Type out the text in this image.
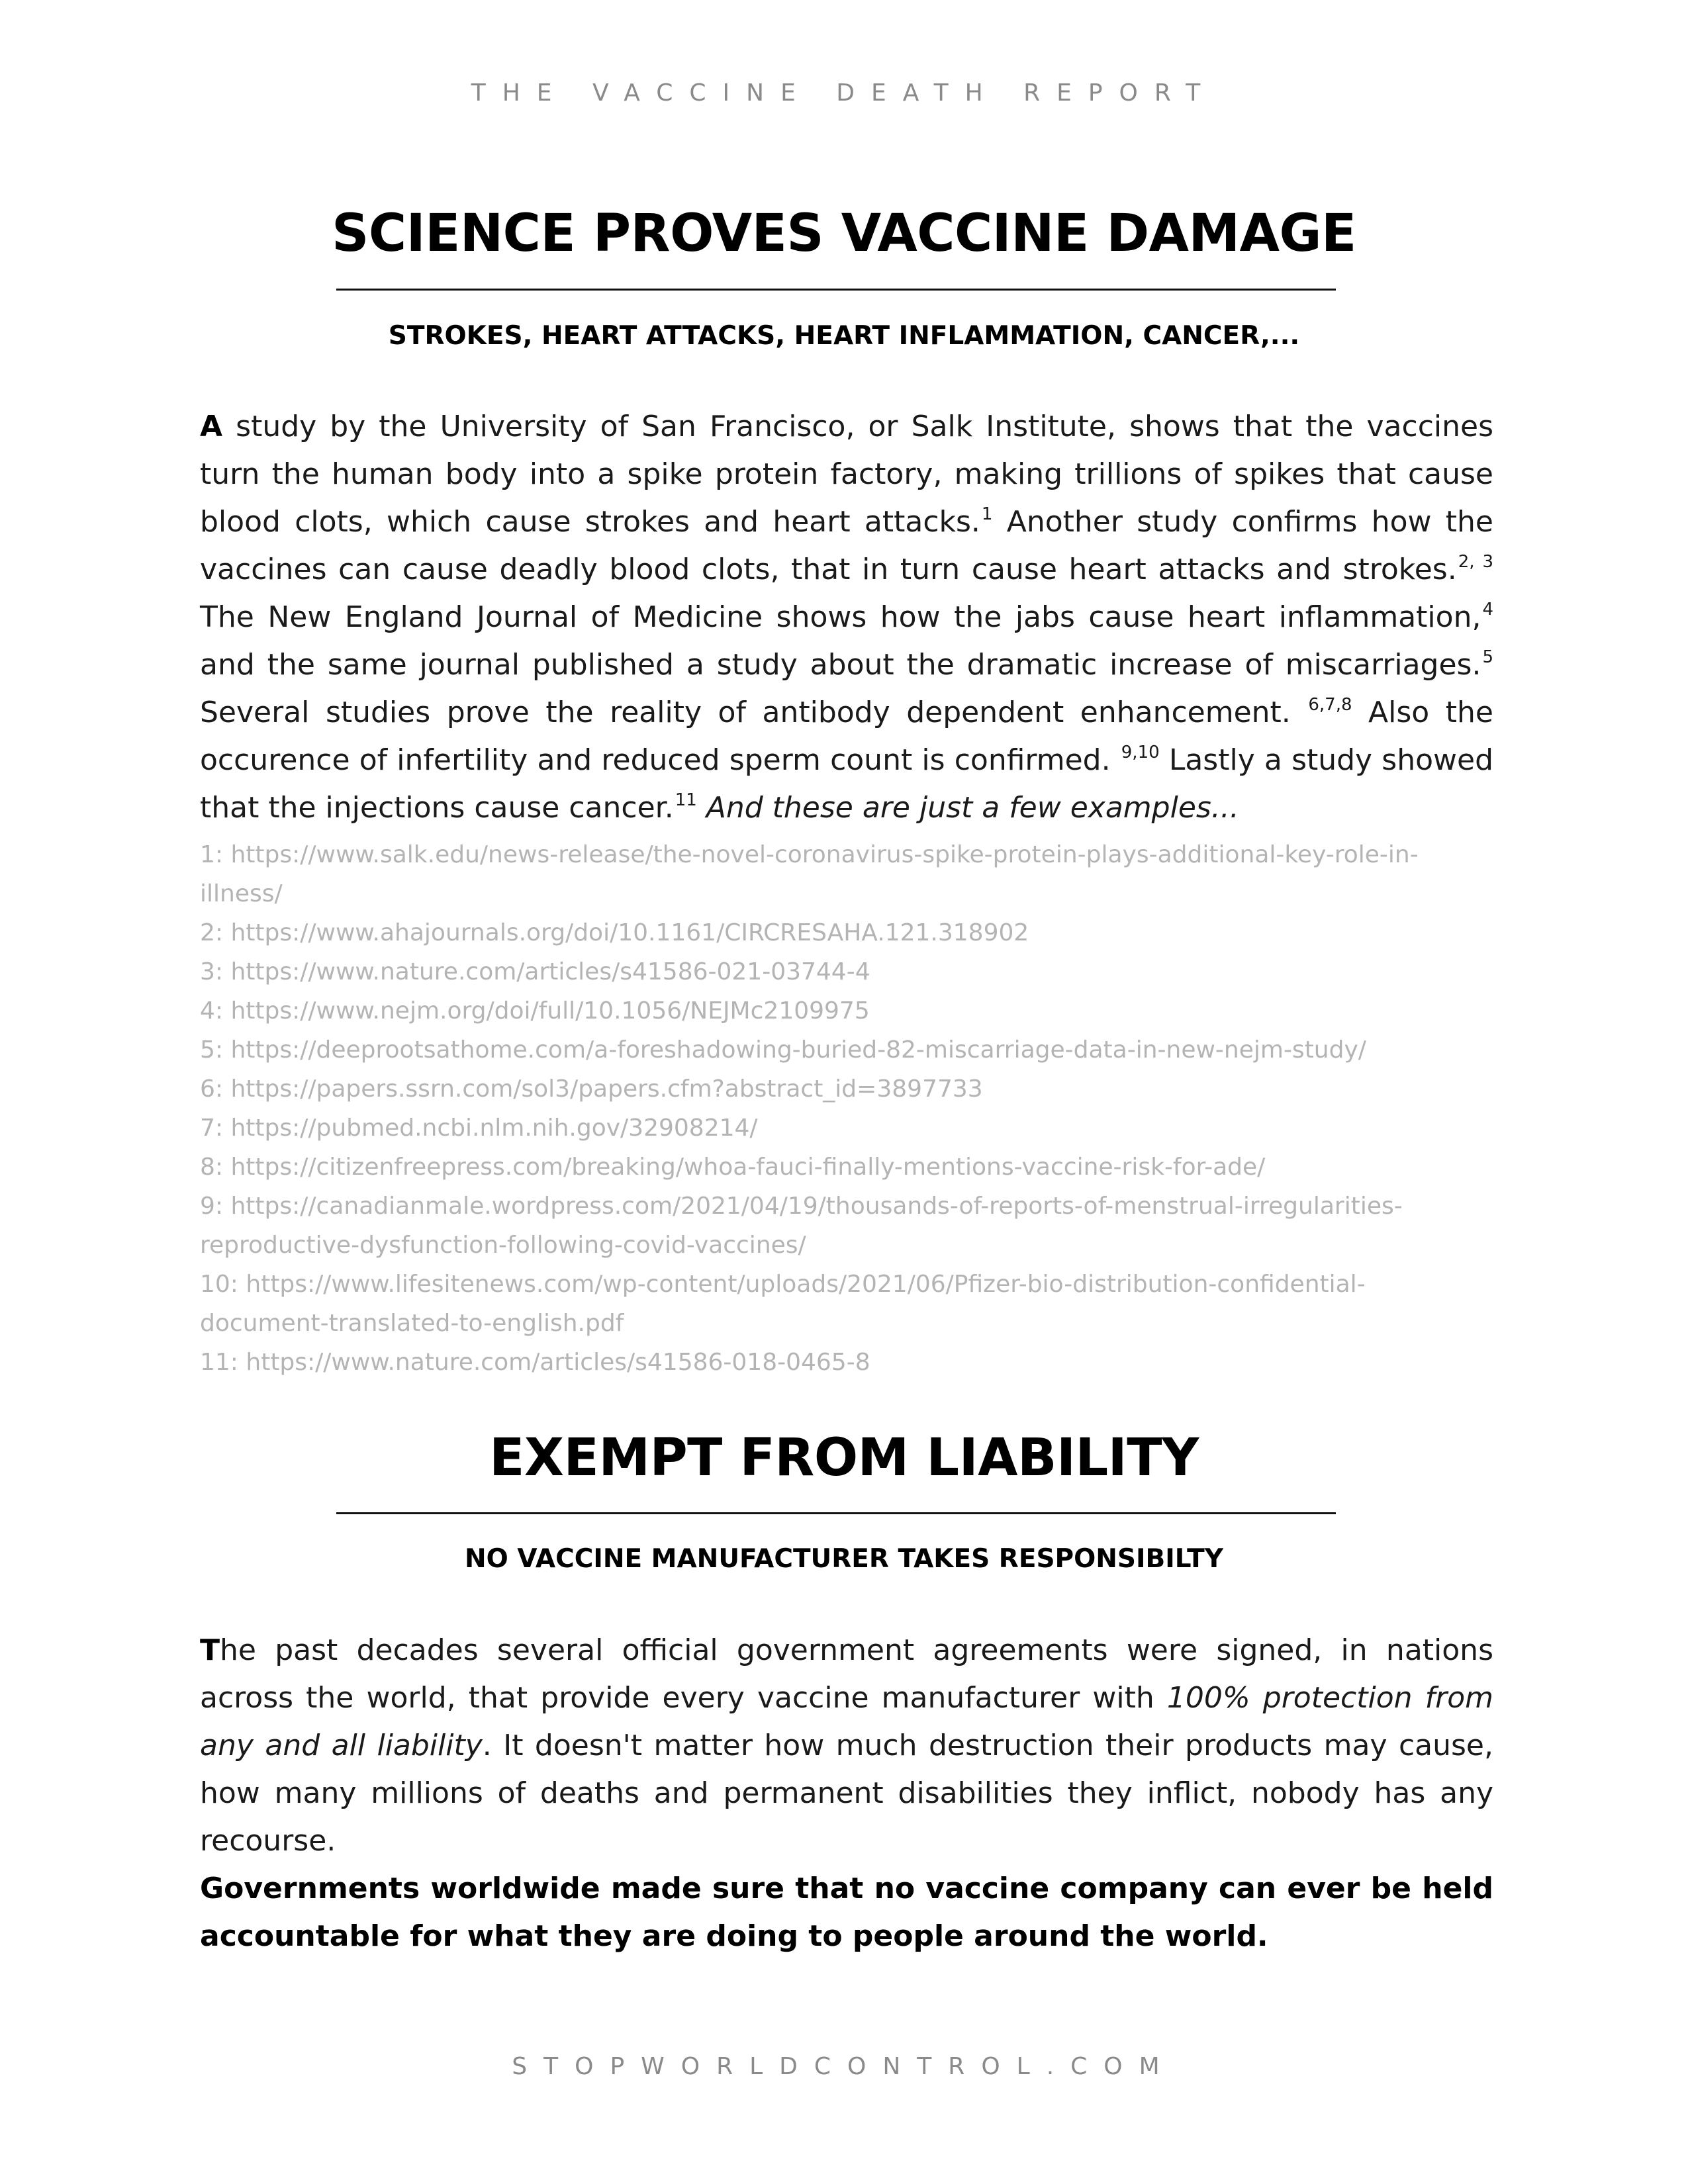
THE VACCINE DEATH REPORT
SCIENCE PROVES VACCINE DAMAGE
STROKES, HEART ATTACKS, HEART INFLAMMATION, CANCER,...
A study by the University of San Francisco, or Salk Institute, shows that the vaccines turn the human body into a spike protein factory, making trillions of spikes that cause blood clots, which cause strokes and heart attacks.$^1$ Another study confirms how the vaccines can cause deadly blood clots, that in turn cause heart attacks and strokes.$^{2, 3}$ The New England Journal of Medicine shows how the jabs cause heart inflammation,$^4$ and the same journal published a study about the dramatic increase of miscarriages.$^5$ Several studies prove the reality of antibody dependent enhancement. $^{6,7,8}$ Also the occurence of infertility and reduced sperm count is confirmed. $^{9,10}$ Lastly a study showed that the injections cause cancer.$^{11}$ And these are just a few examples...
1: https://www.salk.edu/news-release/the-novel-coronavirus-spike-protein-plays-additional-key-role-in-illness/
2: https://www.ahajournals.org/doi/10.1161/CIRCRESAHA.121.318902
3: https://www.nature.com/articles/s41586-021-03744-4
4: https://www.nejm.org/doi/full/10.1056/NEJMc2109975
5: https://deeprootsathome.com/a-foreshadowing-buried-82-miscarriage-data-in-new-nejm-study/
6: https://papers.ssrn.com/sol3/papers.cfm?abstract_id=3897733
7: https://pubmed.ncbi.nlm.nih.gov/32908214/
8: https://citizenfreepress.com/breaking/whoa-fauci-finally-mentions-vaccine-risk-for-ade/
9: https://canadianmale.wordpress.com/2021/04/19/thousands-of-reports-of-menstrual-irregularities-reproductive-dysfunction-following-covid-vaccines/
10: https://www.lifesitenews.com/wp-content/uploads/2021/06/Pfizer-bio-distribution-confidential-document-translated-to-english.pdf
11: https://www.nature.com/articles/s41586-018-0465-8
EXEMPT FROM LIABILITY
NO VACCINE MANUFACTURER TAKES RESPONSIBILTY
The past decades several official government agreements were signed, in nations across the world, that provide every vaccine manufacturer with 100% protection from any and all liability. It doesn't matter how much destruction their products may cause, how many millions of deaths and permanent disabilities they inflict, nobody has any recourse.
Governments worldwide made sure that no vaccine company can ever be held accountable for what they are doing to people around the world.
STOPWORLDCONTROL.COM
